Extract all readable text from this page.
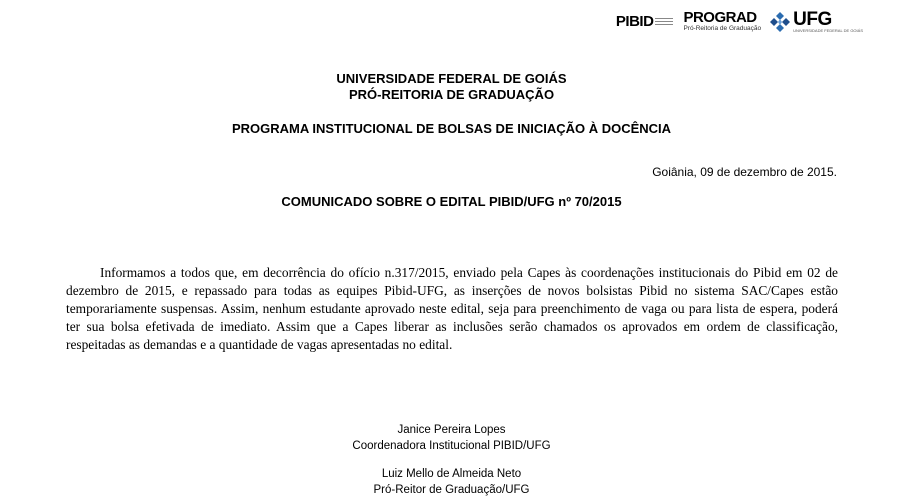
PIBID PROGRAD
Pró-Reitoria de Graduação UFG
UNIVERSIDADE FEDERAL DE GOIÁS
UNIVERSIDADE FEDERAL DE GOIÁS
PRÓ-REITORIA DE GRADUAÇÃO
PROGRAMA INSTITUCIONAL DE BOLSAS DE INICIAÇÃO À DOCÊNCIA
Goiânia, 09 de dezembro de 2015.
COMUNICADO SOBRE O EDITAL PIBID/UFG nº 70/2015

Informamos a todos que, em decorrência do ofício n.317/2015, enviado pela Capes às coordenações institucionais do Pibid em 02 de dezembro de 2015, e repassado para todas as equipes Pibid-UFG, as inserções de novos bolsistas Pibid no sistema SAC/Capes estão temporariamente suspensas. Assim, nenhum estudante aprovado neste edital, seja para preenchimento de vaga ou para lista de espera, poderá ter sua bolsa efetivada de imediato. Assim que a Capes liberar as inclusões serão chamados os aprovados em ordem de classificação, respeitadas as demandas e a quantidade de vagas apresentadas no edital.

Janice Pereira Lopes
Coordenadora Institucional PIBID/UFG
Luiz Mello de Almeida Neto
Pró-Reitor de Graduação/UFG
